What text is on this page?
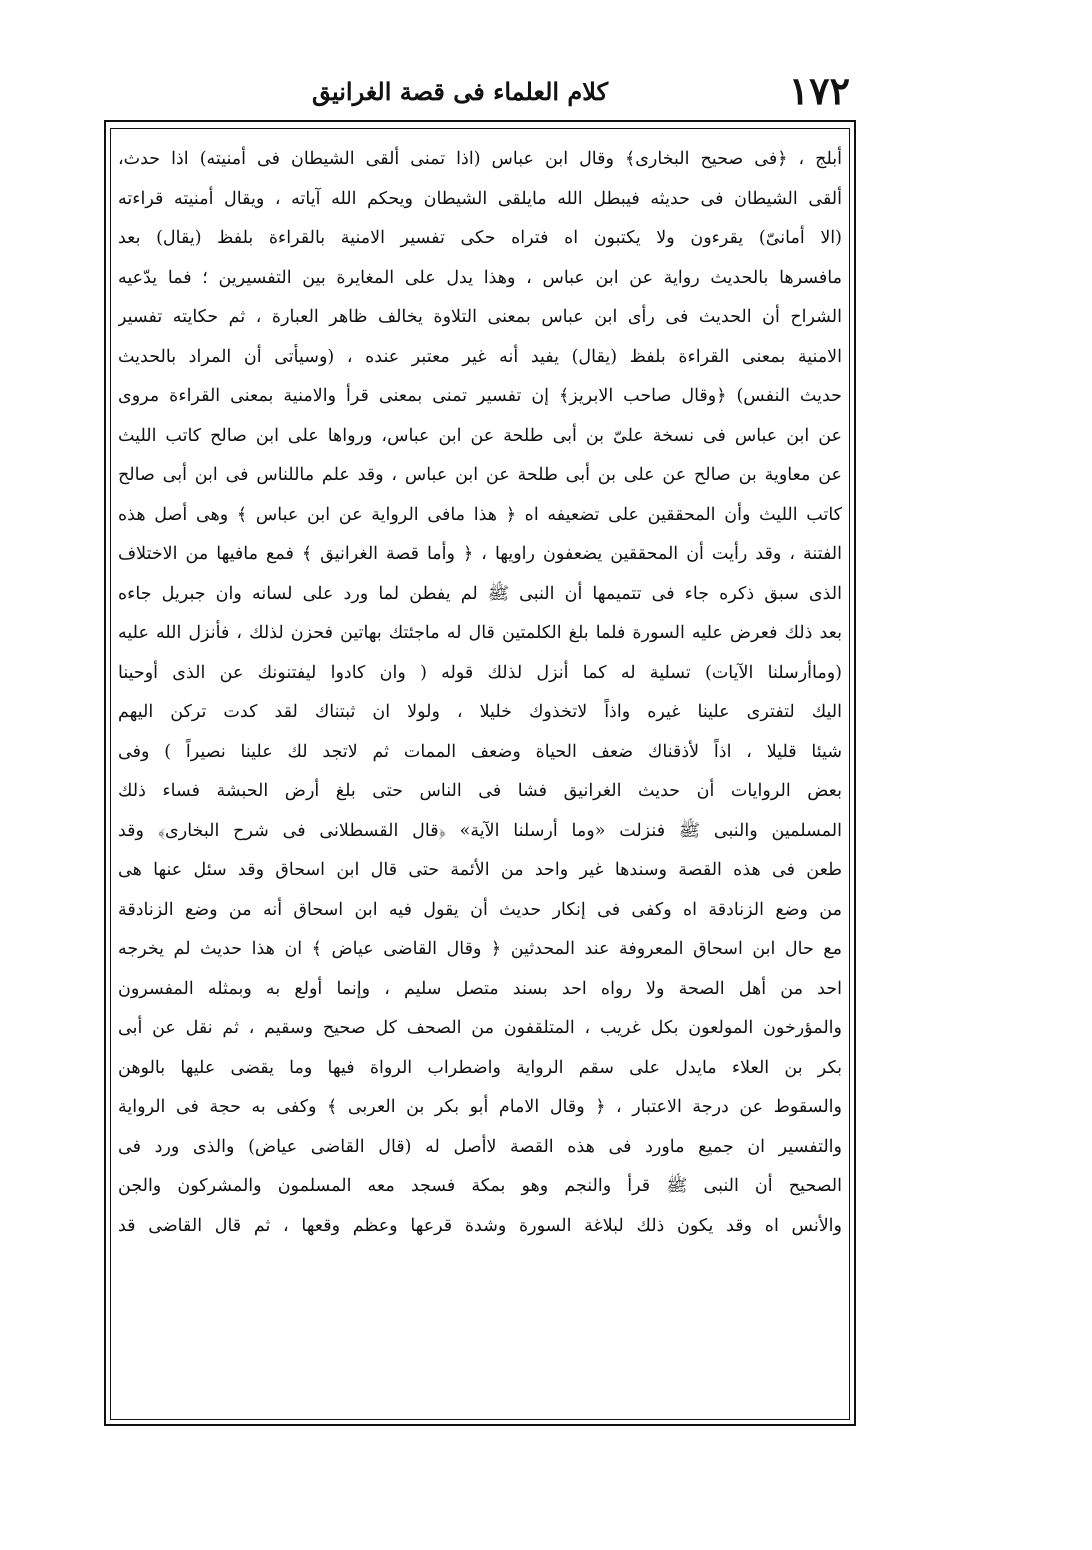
١٧٢
كلام العلماء فى قصة الغرانيق
أبلج ، ﴿فى صحيح البخارى﴾ وقال ابن عباس (اذا تمنى ألقى الشيطان فى أمنيته) اذا حدث،
ألقى الشيطان فى حديثه فيبطل الله مايلقى الشيطان ويحكم الله آياته ، ويقال أمنيته قراءته
(الا أمانىّ) يقرءون ولا يكتبون اه فتراه حكى تفسير الامنية بالقراءة بلفظ (يقال) بعد
مافسرها بالحديث رواية عن ابن عباس ، وهذا يدل على المغايرة بين التفسيرين ؛ فما يدّعيه
الشراح أن الحديث فى رأى ابن عباس بمعنى التلاوة يخالف ظاهر العبارة ، ثم حكايته تفسير
الامنية بمعنى القراءة بلفظ (يقال) يفيد أنه غير معتبر عنده ، (وسيأتى أن المراد بالحديث
حديث النفس) ﴿وقال صاحب الابريز﴾ إن تفسير تمنى بمعنى قرأ والامنية بمعنى القراءة مروى
عن ابن عباس فى نسخة علىّ بن أبى طلحة عن ابن عباس، ورواها على ابن صالح كاتب الليث
عن معاوية بن صالح عن على بن أبى طلحة عن ابن عباس ، وقد علم ماللناس فى ابن أبى صالح
كاتب الليث وأن المحققين على تضعيفه اه ﴿ هذا مافى الرواية عن ابن عباس ﴾ وهى أصل هذه
الفتنة ، وقد رأيت أن المحققين يضعفون راويها ، ﴿ وأما قصة الغرانيق ﴾ فمع مافيها من الاختلاف
الذى سبق ذكره جاء فى تتميمها أن النبى ﷺ لم يفطن لما ورد على لسانه وان جبريل جاءه
بعد ذلك فعرض عليه السورة فلما بلغ الكلمتين قال له ماجئتك بهاتين فحزن لذلك ، فأنزل الله عليه
(وماأرسلنا الآيات) تسلية له كما أنزل لذلك قوله ( وان كادوا ليفتنونك عن الذى أوحينا
اليك لتفترى علينا غيره واذاً لاتخذوك خليلا ، ولولا ان ثبتناك لقد كدت تركن اليهم
شيئا قليلا ، اذاً لأذقناك ضعف الحياة وضعف الممات ثم لاتجد لك علينا نصيراً ) وفى
بعض الروايات أن حديث الغرانيق فشا فى الناس حتى بلغ أرض الحبشة فساء ذلك
المسلمين والنبى ﷺ فنزلت «وما أرسلنا الآية» ﴿قال القسطلانى فى شرح البخارى﴾ وقد
طعن فى هذه القصة وسندها غير واحد من الأئمة حتى قال ابن اسحاق وقد سئل عنها هى
من وضع الزنادقة اه وكفى فى إنكار حديث أن يقول فيه ابن اسحاق أنه من وضع الزنادقة
مع حال ابن اسحاق المعروفة عند المحدثين ﴿ وقال القاضى عياض ﴾ ان هذا حديث لم يخرجه
احد من أهل الصحة ولا رواه احد بسند متصل سليم ، وإنما أولع به وبمثله المفسرون
والمؤرخون المولعون بكل غريب ، المتلقفون من الصحف كل صحيح وسقيم ، ثم نقل عن أبى
بكر بن العلاء مايدل على سقم الرواية واضطراب الرواة فيها وما يقضى عليها بالوهن
والسقوط عن درجة الاعتبار ، ﴿ وقال الامام أبو بكر بن العربى ﴾ وكفى به حجة فى الرواية
والتفسير ان جميع ماورد فى هذه القصة لاأصل له (قال القاضى عياض) والذى ورد فى
الصحيح أن النبى ﷺ قرأ والنجم وهو بمكة فسجد معه المسلمون والمشركون والجن
والأنس اه وقد يكون ذلك لبلاغة السورة وشدة قرعها وعظم وقعها ، ثم قال القاضى قد
